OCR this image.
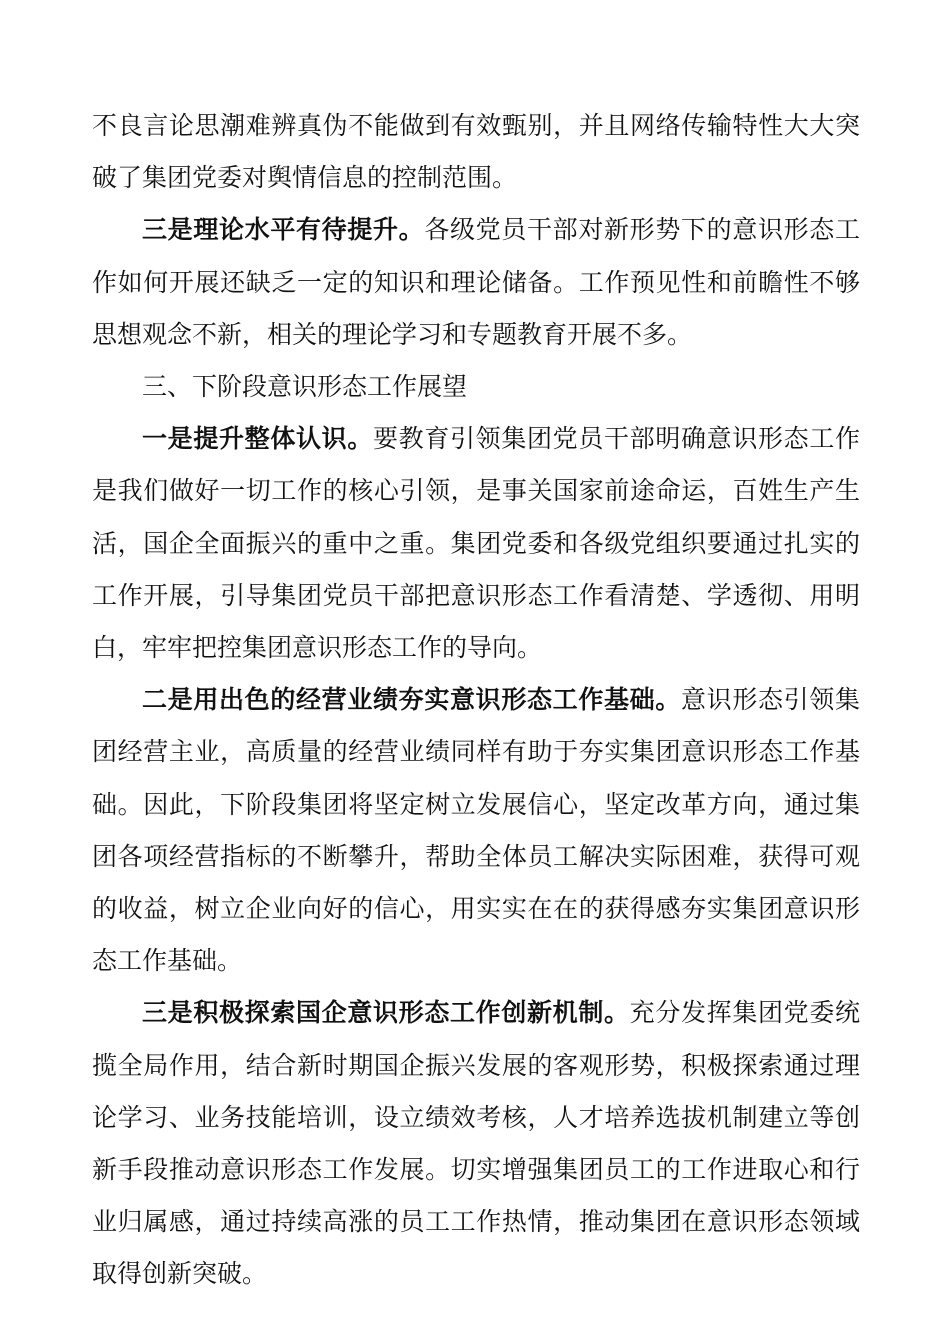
不良言论思潮难辨真伪不能做到有效甄别，并且网络传输特性大大突破了集团党委对舆情信息的控制范围。

三是理论水平有待提升。各级党员干部对新形势下的意识形态工作如何开展还缺乏一定的知识和理论储备。工作预见性和前瞻性不够思想观念不新，相关的理论学习和专题教育开展不多。

三、下阶段意识形态工作展望

一是提升整体认识。要教育引领集团党员干部明确意识形态工作是我们做好一切工作的核心引领，是事关国家前途命运，百姓生产生活，国企全面振兴的重中之重。集团党委和各级党组织要通过扎实的工作开展，引导集团党员干部把意识形态工作看清楚、学透彻、用明白，牢牢把控集团意识形态工作的导向。

二是用出色的经营业绩夯实意识形态工作基础。意识形态引领集团经营主业，高质量的经营业绩同样有助于夯实集团意识形态工作基础。因此，下阶段集团将坚定树立发展信心，坚定改革方向，通过集团各项经营指标的不断攀升，帮助全体员工解决实际困难，获得可观的收益，树立企业向好的信心，用实实在在的获得感夯实集团意识形态工作基础。

三是积极探索国企意识形态工作创新机制。充分发挥集团党委统揽全局作用，结合新时期国企振兴发展的客观形势，积极探索通过理论学习、业务技能培训，设立绩效考核，人才培养选拔机制建立等创新手段推动意识形态工作发展。切实增强集团员工的工作进取心和行业归属感，通过持续高涨的员工工作热情，推动集团在意识形态领域取得创新突破。
